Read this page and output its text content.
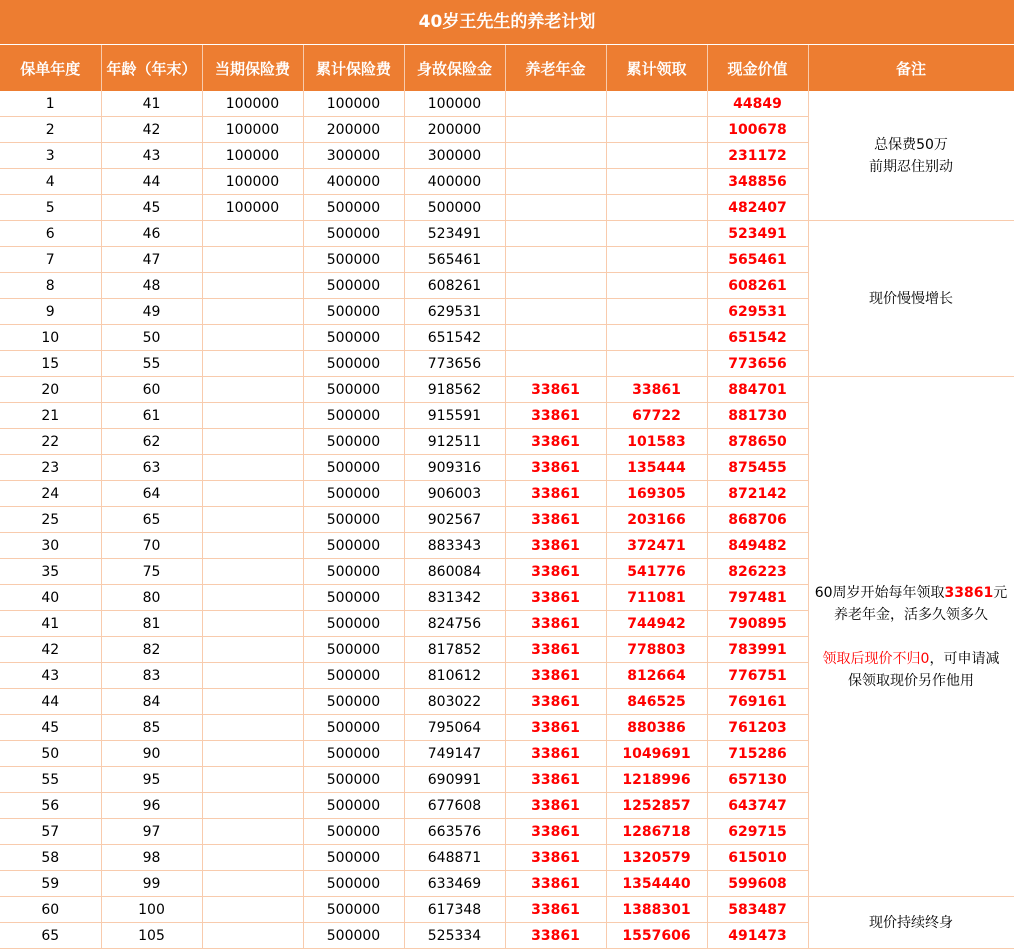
40岁王先生的养老计划
保单年度	年龄（年末）	当期保险费	累计保险费	身故保险金	养老年金	累计领取	现金价值	备注
1	41	100000	100000	100000			44849	总保费50万
前期忍住别动

2	42	100000	200000	200000			100678	
3	43	100000	300000	300000			231172	
4	44	100000	400000	400000			348856	
5	45	100000	500000	500000			482407	
6	46		500000	523491			523491	现价慢慢增长

7	47		500000	565461			565461	
8	48		500000	608261			608261	
9	49		500000	629531			629531	
10	50		500000	651542			651542	
15	55		500000	773656			773656	
20	60		500000	918562	33861	33861	884701	60周岁开始每年领取33861元
养老年金，活多久领多久
领取后现价不归0，可申请减
保领取现价另作他用

21	61		500000	915591	33861	67722	881730	
22	62		500000	912511	33861	101583	878650	
23	63		500000	909316	33861	135444	875455	
24	64		500000	906003	33861	169305	872142	
25	65		500000	902567	33861	203166	868706	
30	70		500000	883343	33861	372471	849482	
35	75		500000	860084	33861	541776	826223	
40	80		500000	831342	33861	711081	797481	
41	81		500000	824756	33861	744942	790895	
42	82		500000	817852	33861	778803	783991	
43	83		500000	810612	33861	812664	776751	
44	84		500000	803022	33861	846525	769161	
45	85		500000	795064	33861	880386	761203	
50	90		500000	749147	33861	1049691	715286	
55	95		500000	690991	33861	1218996	657130	
56	96		500000	677608	33861	1252857	643747	
57	97		500000	663576	33861	1286718	629715	
58	98		500000	648871	33861	1320579	615010	
59	99		500000	633469	33861	1354440	599608	
60	100		500000	617348	33861	1388301	583487	现价持续终身

65	105		500000	525334	33861	1557606	491473	
